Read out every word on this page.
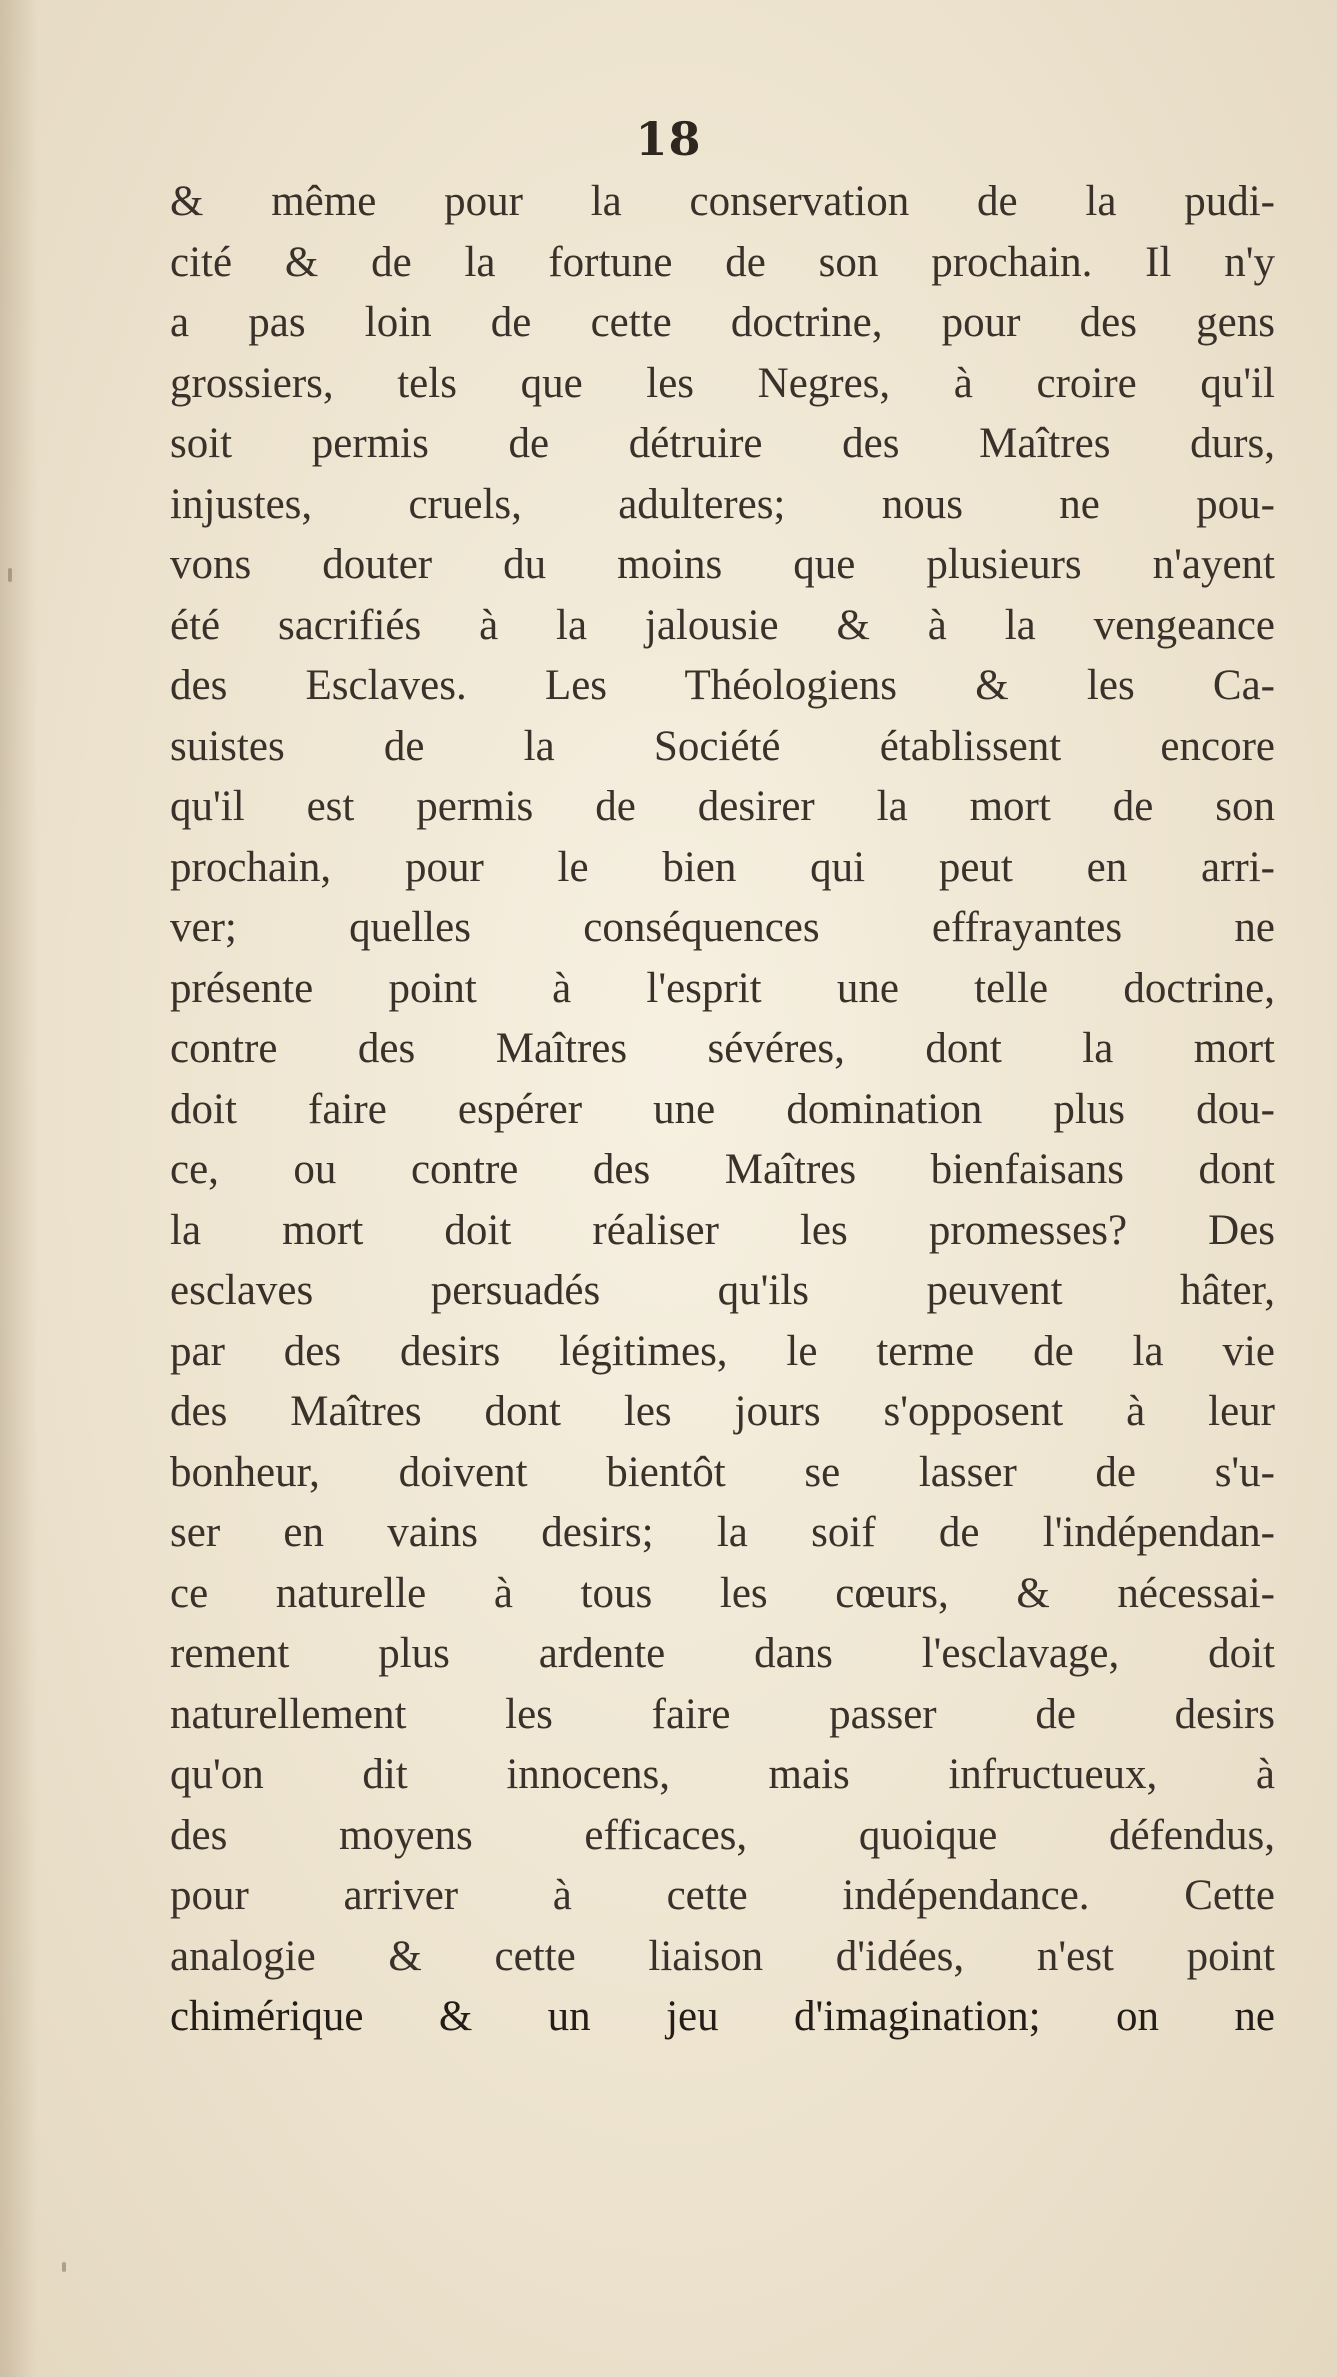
18
& même pour la conservation de la pudi-
cité & de la fortune de son prochain. Il n'y
a pas loin de cette doctrine, pour des gens
grossiers, tels que les Negres, à croire qu'il
soit permis de détruire des Maîtres durs,
injustes, cruels, adulteres; nous ne pou-
vons douter du moins que plusieurs n'ayent
été sacrifiés à la jalousie & à la vengeance
des Esclaves. Les Théologiens & les Ca-
suistes de la Société établissent encore
qu'il est permis de desirer la mort de son
prochain, pour le bien qui peut en arri-
ver; quelles conséquences effrayantes ne
présente point à l'esprit une telle doctrine,
contre des Maîtres sévéres, dont la mort
doit faire espérer une domination plus dou-
ce, ou contre des Maîtres bienfaisans dont
la mort doit réaliser les promesses? Des
esclaves persuadés qu'ils peuvent hâter,
par des desirs légitimes, le terme de la vie
des Maîtres dont les jours s'opposent à leur
bonheur, doivent bientôt se lasser de s'u-
ser en vains desirs; la soif de l'indépendan-
ce naturelle à tous les cœurs, & nécessai-
rement plus ardente dans l'esclavage, doit
naturellement les faire passer de desirs
qu'on dit innocens, mais infructueux, à
des moyens efficaces, quoique défendus,
pour arriver à cette indépendance. Cette
analogie & cette liaison d'idées, n'est point
chimérique & un jeu d'imagination; on ne
